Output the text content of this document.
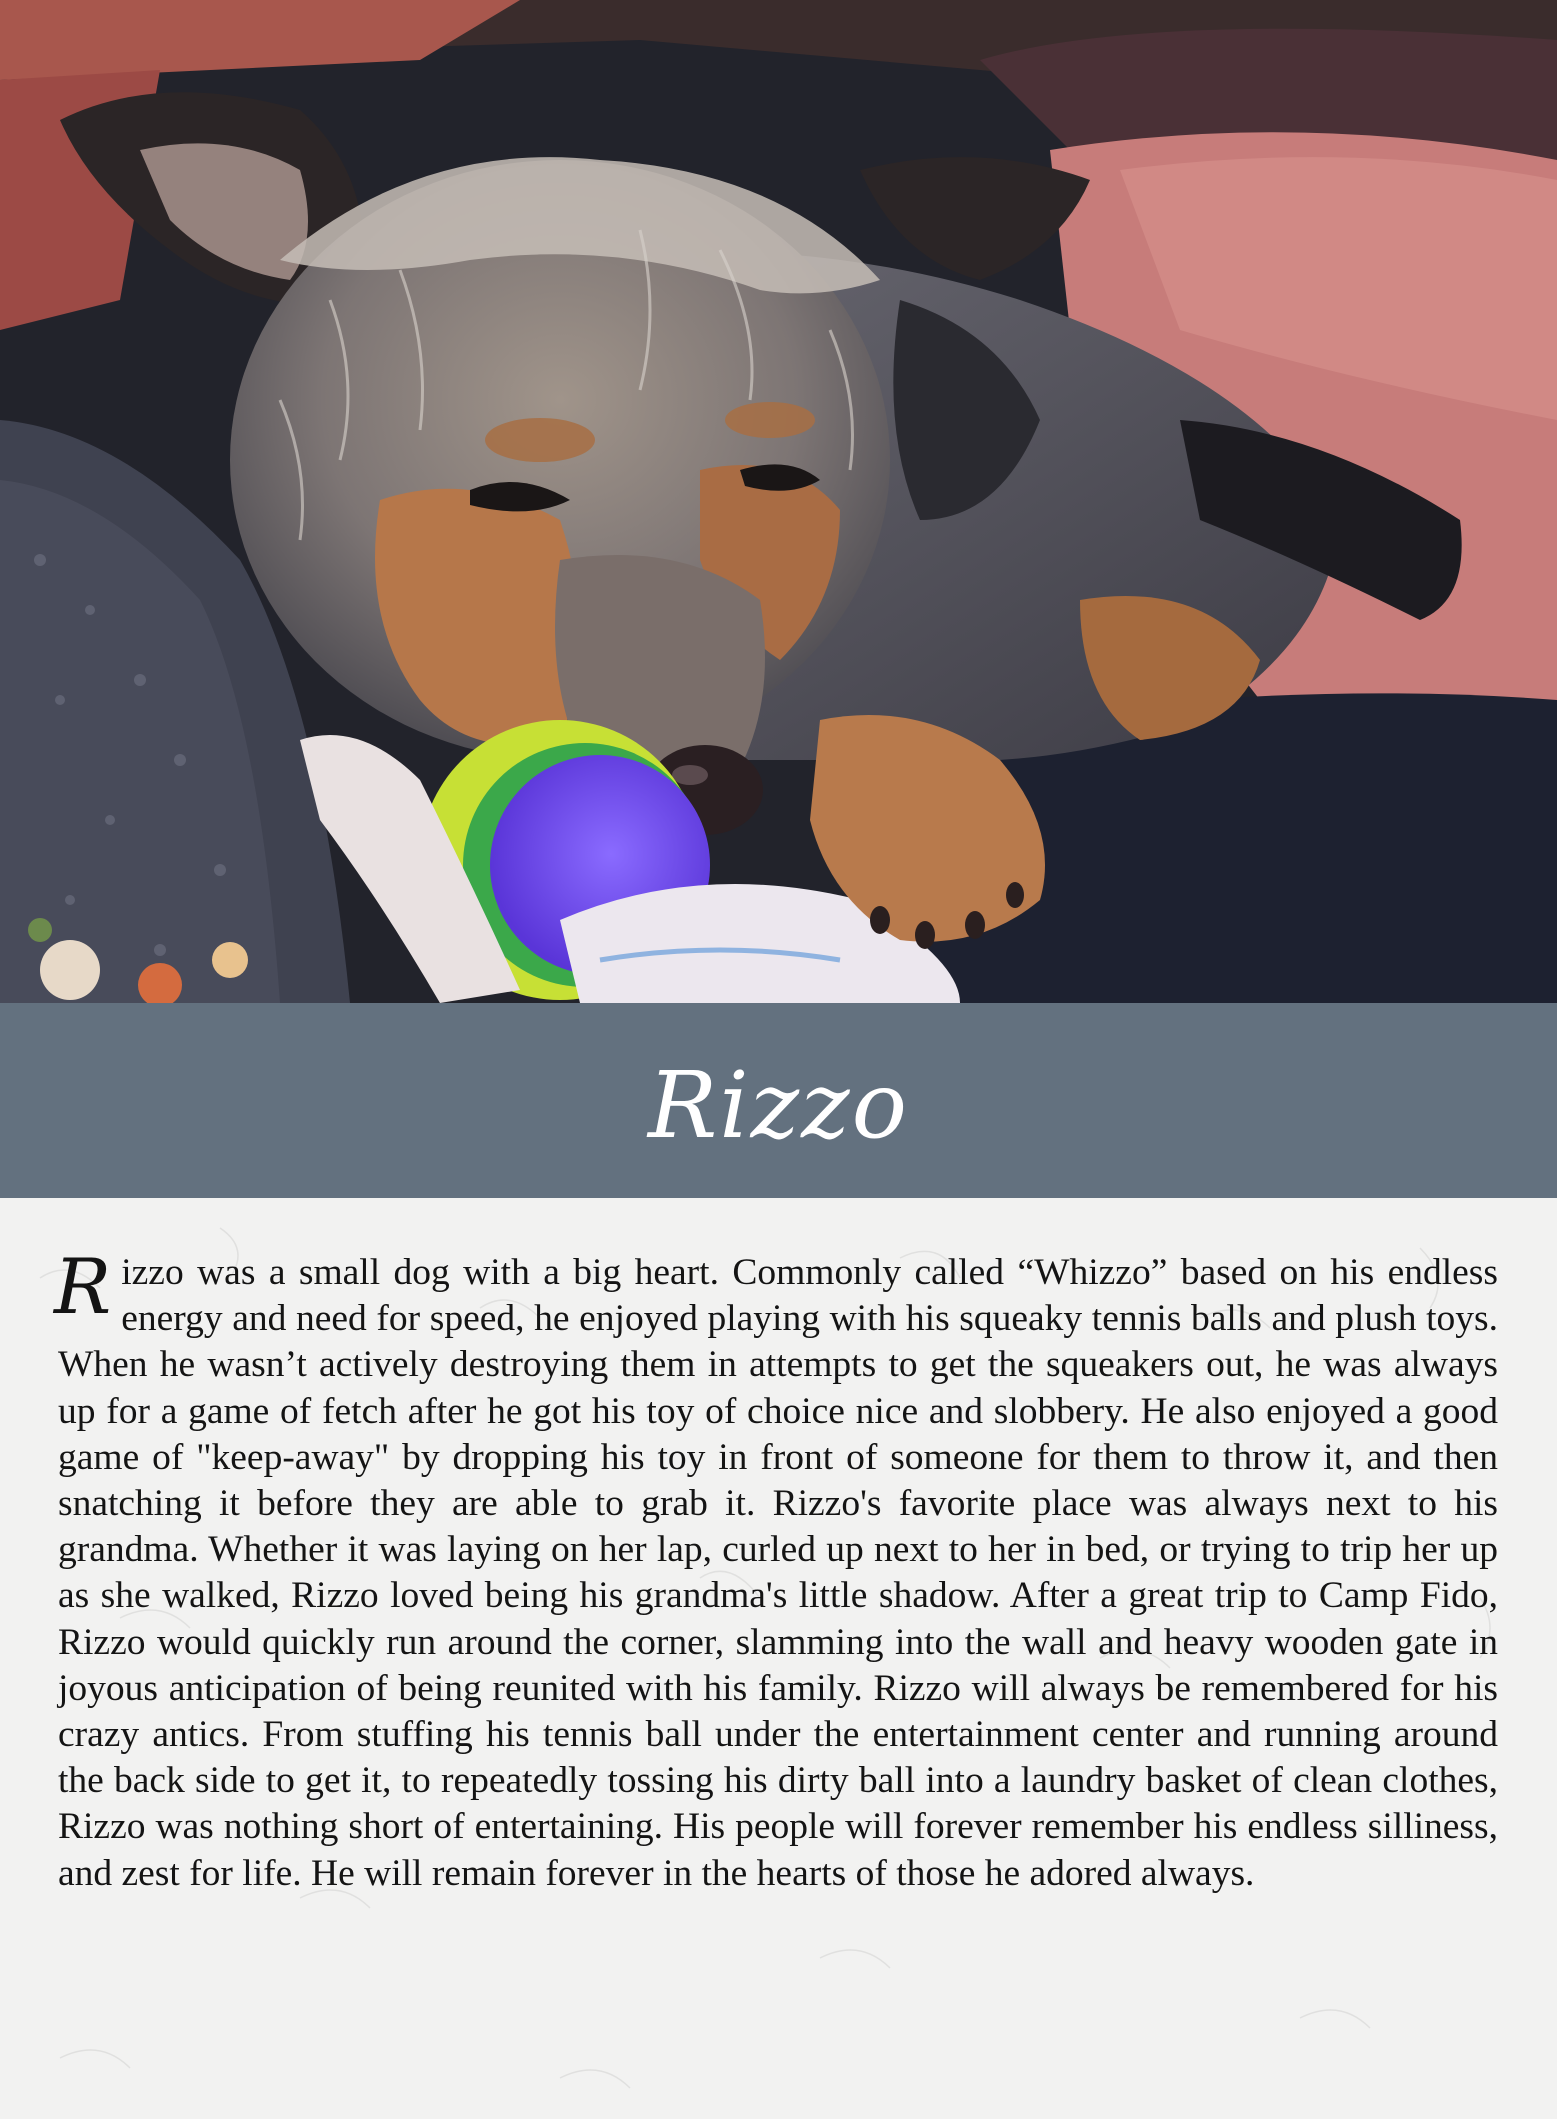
Rizzo

Rizzo was a small dog with a big heart. Commonly called “Whizzo” based on his endless energy and need for speed, he enjoyed playing with his squeaky tennis balls and plush toys. When he wasn’t actively destroying them in attempts to get the squeakers out, he was always up for a game of fetch after he got his toy of choice nice and slobbery. He also enjoyed a good game of "keep-away" by dropping his toy in front of someone for them to throw it, and then snatching it before they are able to grab it. Rizzo's favorite place was always next to his grandma. Whether it was laying on her lap, curled up next to her in bed, or trying to trip her up as she walked, Rizzo loved being his grandma's little shadow. After a great trip to Camp Fido, Rizzo would quickly run around the corner, slamming into the wall and heavy wooden gate in joyous anticipation of being reunited with his family. Rizzo will always be remembered for his crazy antics. From stuffing his tennis ball under the entertainment center and running around the back side to get it, to repeatedly tossing his dirty ball into a laundry basket of clean clothes, Rizzo was nothing short of entertaining. His people will forever remember his endless silliness, and zest for life. He will remain forever in the hearts of those he adored always.
